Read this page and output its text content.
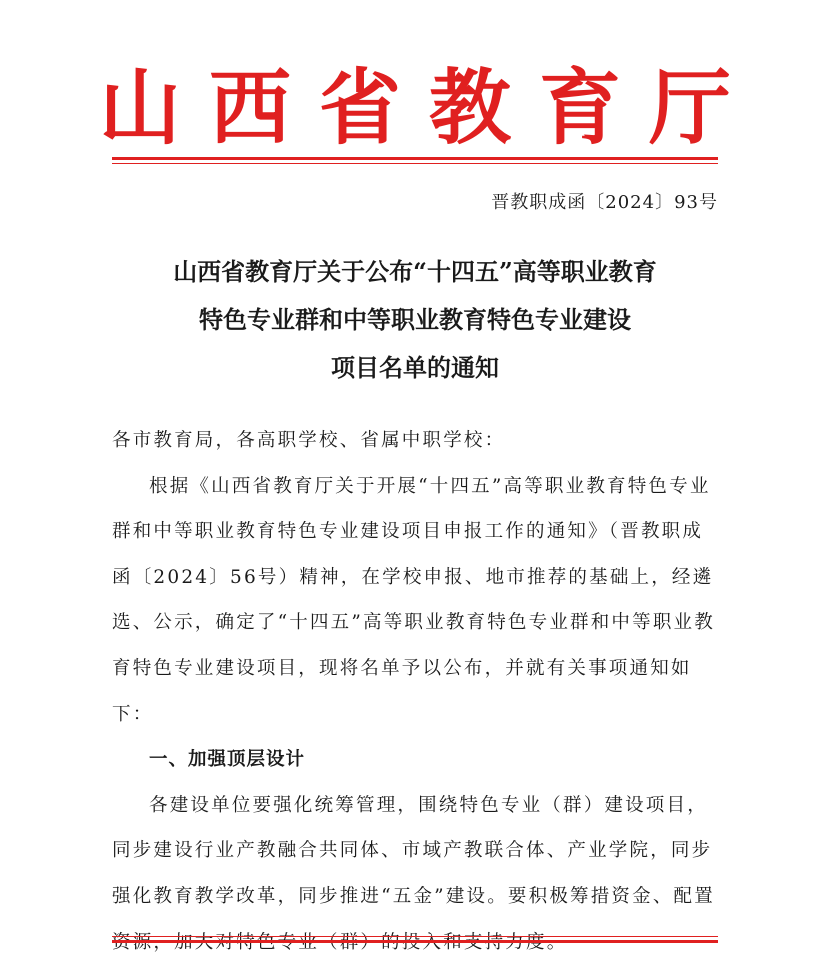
山西省教育厅
晋教职成函〔2024〕93号
山西省教育厅关于公布“十四五”高等职业教育
特色专业群和中等职业教育特色专业建设
项目名单的通知

各市教育局，各高职学校、省属中职学校：

根据《山西省教育厅关于开展“十四五”高等职业教育特色专业群和中等职业教育特色专业建设项目申报工作的通知》（晋教职成函〔2024〕56号）精神，在学校申报、地市推荐的基础上，经遴选、公示，确定了“十四五”高等职业教育特色专业群和中等职业教育特色专业建设项目，现将名单予以公布，并就有关事项通知如下：

一、加强顶层设计

各建设单位要强化统筹管理，围绕特色专业（群）建设项目，同步建设行业产教融合共同体、市域产教联合体、产业学院，同步强化教育教学改革，同步推进“五金”建设。要积极筹措资金、配置
